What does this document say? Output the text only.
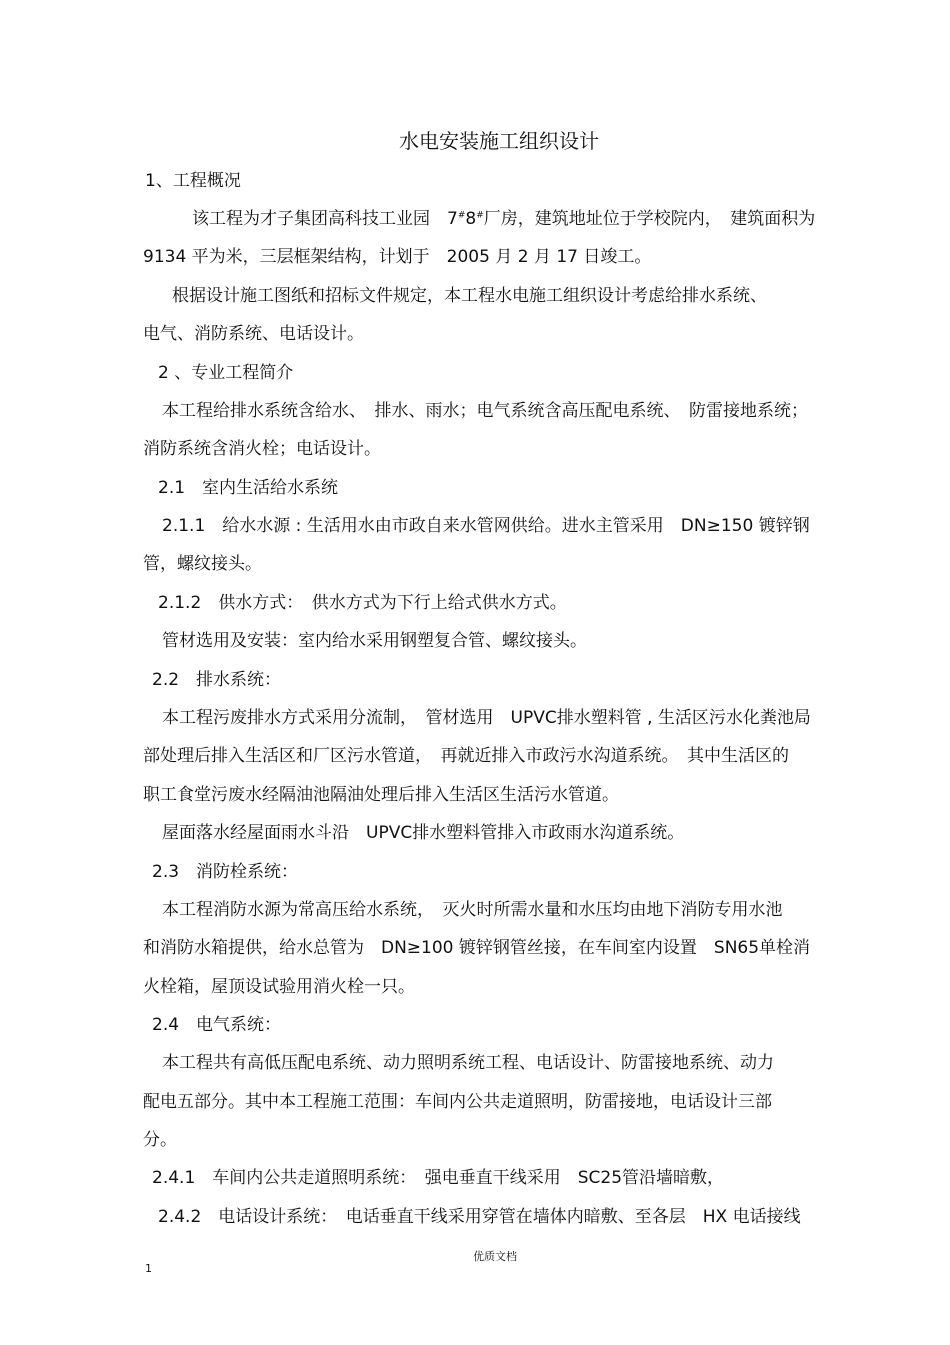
水电安装施工组织设计
1、工程概况
该工程为才子集团高科技工业园　7#8#厂房，建筑地址位于学校院内，　建筑面积为
9134 平为米，三层框架结构，计划于　2005 月 2 月 17 日竣工。
根据设计施工图纸和招标文件规定，本工程水电施工组织设计考虑给排水系统、
电气、消防系统、电话设计。
2 、专业工程简介
本工程给排水系统含给水、　排水、雨水；电气系统含高压配电系统、　防雷接地系统；
消防系统含消火栓；电话设计。
2.1　室内生活给水系统
2.1.1　给水水源 : 生活用水由市政自来水管网供给。进水主管采用　DN≥150 镀锌钢
管，螺纹接头。
2.1.2　供水方式：　供水方式为下行上给式供水方式。
管材选用及安装：室内给水采用钢塑复合管、螺纹接头。
2.2　排水系统：
本工程污废排水方式采用分流制，　管材选用　UPVC排水塑料管 , 生活区污水化粪池局
部处理后排入生活区和厂区污水管道，　再就近排入市政污水沟道系统。　其中生活区的
职工食堂污废水经隔油池隔油处理后排入生活区生活污水管道。
屋面落水经屋面雨水斗沿　UPVC排水塑料管排入市政雨水沟道系统。
2.3　消防栓系统：
本工程消防水源为常高压给水系统，　灭火时所需水量和水压均由地下消防专用水池
和消防水箱提供，给水总管为　DN≥100 镀锌钢管丝接，在车间室内设置　SN65单栓消
火栓箱，屋顶设试验用消火栓一只。
2.4　电气系统：
本工程共有高低压配电系统、动力照明系统工程、电话设计、防雷接地系统、动力
配电五部分。其中本工程施工范围：车间内公共走道照明，防雷接地，电话设计三部
分。
2.4.1　车间内公共走道照明系统：　强电垂直干线采用　SC25管沿墙暗敷，
2.4.2　电话设计系统：　电话垂直干线采用穿管在墙体内暗敷、至各层　HX 电话接线
优质文档
1
